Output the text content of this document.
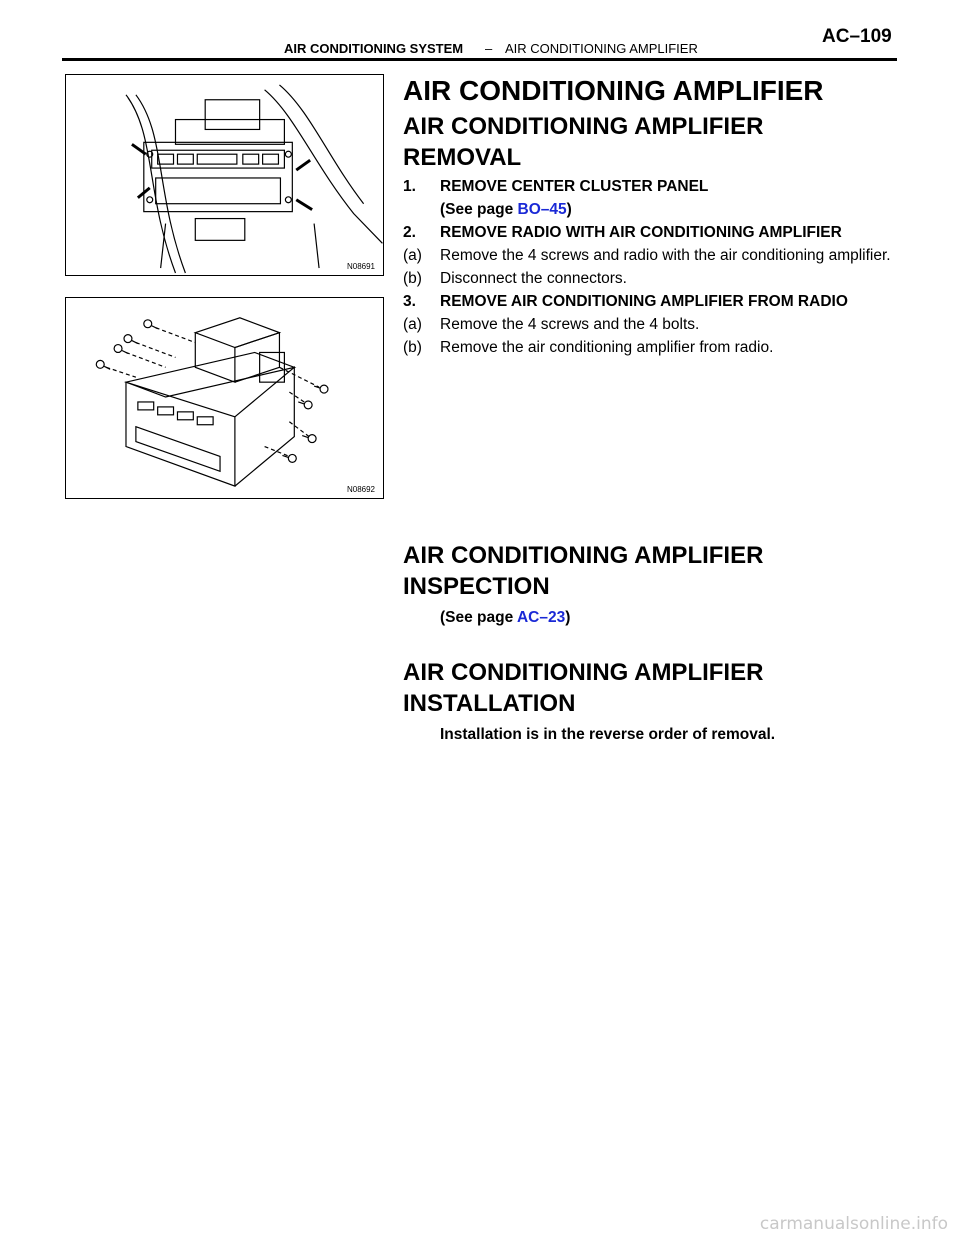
AIR CONDITIONING SYSTEM – AIR CONDITIONING AMPLIFIER
AC–109
N08691
N08692
AIR CONDITIONING AMPLIFIER
AIR CONDITIONING AMPLIFIER
REMOVAL
1. REMOVE CENTER CLUSTER PANEL
(See page BO–45)
2. REMOVE RADIO WITH AIR CONDITIONING AMPLIFIER
(a) Remove the 4 screws and radio with the air conditioning amplifier.
(b) Disconnect the connectors.
3. REMOVE AIR CONDITIONING AMPLIFIER FROM RADIO
(a) Remove the 4 screws and the 4 bolts.
(b) Remove the air conditioning amplifier from radio.
AIR CONDITIONING AMPLIFIER
INSPECTION
(See page AC–23)
AIR CONDITIONING AMPLIFIER
INSTALLATION
Installation is in the reverse order of removal.
carmanualsonline.info
